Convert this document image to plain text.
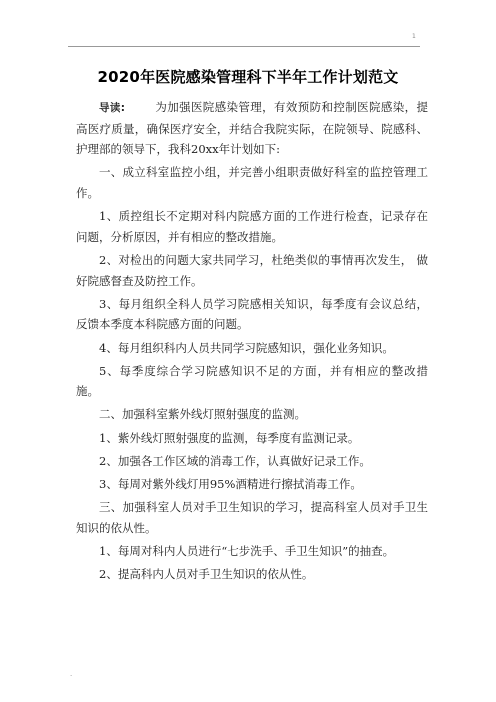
1
2020年医院感染管理科下半年工作计划范文

导读:	为加强医院感染管理，有效预防和控制医院感染，提高医疗质量，确保医疗安全，并结合我院实际，在院领导、院感科、护理部的领导下，我科20xx年计划如下:

一、成立科室监控小组，并完善小组职责做好科室的监控管理工作。

1、质控组长不定期对科内院感方面的工作进行检查，记录存在问题，分析原因，并有相应的整改措施。

2、对检出的问题大家共同学习，杜绝类似的事情再次发生， 做好院感督查及防控工作。

3、每月组织全科人员学习院感相关知识，每季度有会议总结，反馈本季度本科院感方面的问题。

4、每月组织科内人员共同学习院感知识，强化业务知识。

5、每季度综合学习院感知识不足的方面，并有相应的整改措施。

二、加强科室紫外线灯照射强度的监测。

1、紫外线灯照射强度的监测，每季度有监测记录。

2、加强各工作区域的消毒工作，认真做好记录工作。

3、每周对紫外线灯用95%酒精进行擦拭消毒工作。

三、加强科室人员对手卫生知识的学习，提高科室人员对手卫生知识的依从性。

1、每周对科内人员进行“七步洗手、手卫生知识”的抽查。

2、提高科内人员对手卫生知识的依从性。

.
